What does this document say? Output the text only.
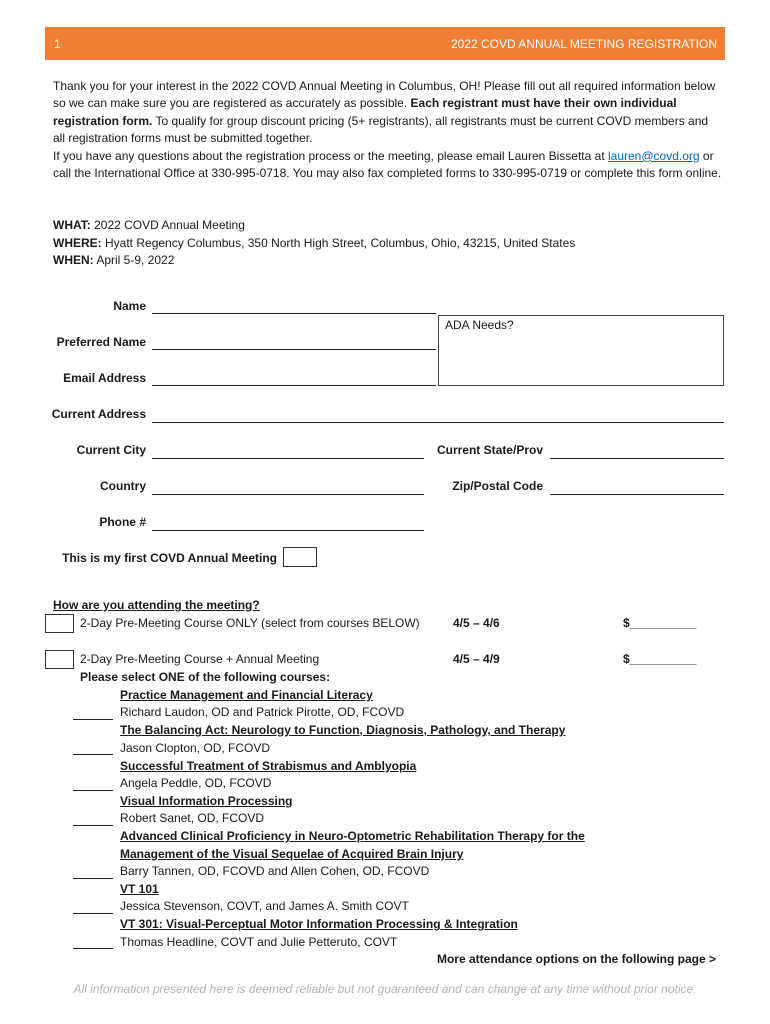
1	2022 COVD ANNUAL MEETING REGISTRATION

Thank you for your interest in the 2022 COVD Annual Meeting in Columbus, OH! Please fill out all required information below so we can make sure you are registered as accurately as possible. Each registrant must have their own individual registration form. To qualify for group discount pricing (5+ registrants), all registrants must be current COVD members and all registration forms must be submitted together.

If you have any questions about the registration process or the meeting, please email Lauren Bissetta at lauren@covd.org or call the International Office at 330-995-0718. You may also fax completed forms to 330-995-0719 or complete this form online.

WHAT: 2022 COVD Annual Meeting
WHERE: Hyatt Regency Columbus, 350 North High Street, Columbus, Ohio, 43215, United States
WHEN: April 5-9, 2022
Name
ADA Needs?
Preferred Name
Email Address
Current Address
Current City	Current State/Prov
Country	Zip/Postal Code
Phone #
This is my first COVD Annual Meeting
How are you attending the meeting?
2-Day Pre-Meeting Course ONLY (select from courses BELOW)	4/5 – 4/6	$__________
2-Day Pre-Meeting Course + Annual Meeting	4/5 – 4/9	$__________
Please select ONE of the following courses:
Practice Management and Financial Literacy
Richard Laudon, OD and Patrick Pirotte, OD, FCOVD
The Balancing Act: Neurology to Function, Diagnosis, Pathology, and Therapy
Jason Clopton, OD, FCOVD
Successful Treatment of Strabismus and Amblyopia
Angela Peddle, OD, FCOVD
Visual Information Processing
Robert Sanet, OD, FCOVD
Advanced Clinical Proficiency in Neuro-Optometric Rehabilitation Therapy for the
Management of the Visual Sequelae of Acquired Brain Injury
Barry Tannen, OD, FCOVD and Allen Cohen, OD, FCOVD
VT 101
Jessica Stevenson, COVT, and James A. Smith COVT
VT 301: Visual-Perceptual Motor Information Processing & Integration
Thomas Headline, COVT and Julie Petteruto, COVT
More attendance options on the following page >
All information presented here is deemed reliable but not guaranteed and can change at any time without prior notice.
